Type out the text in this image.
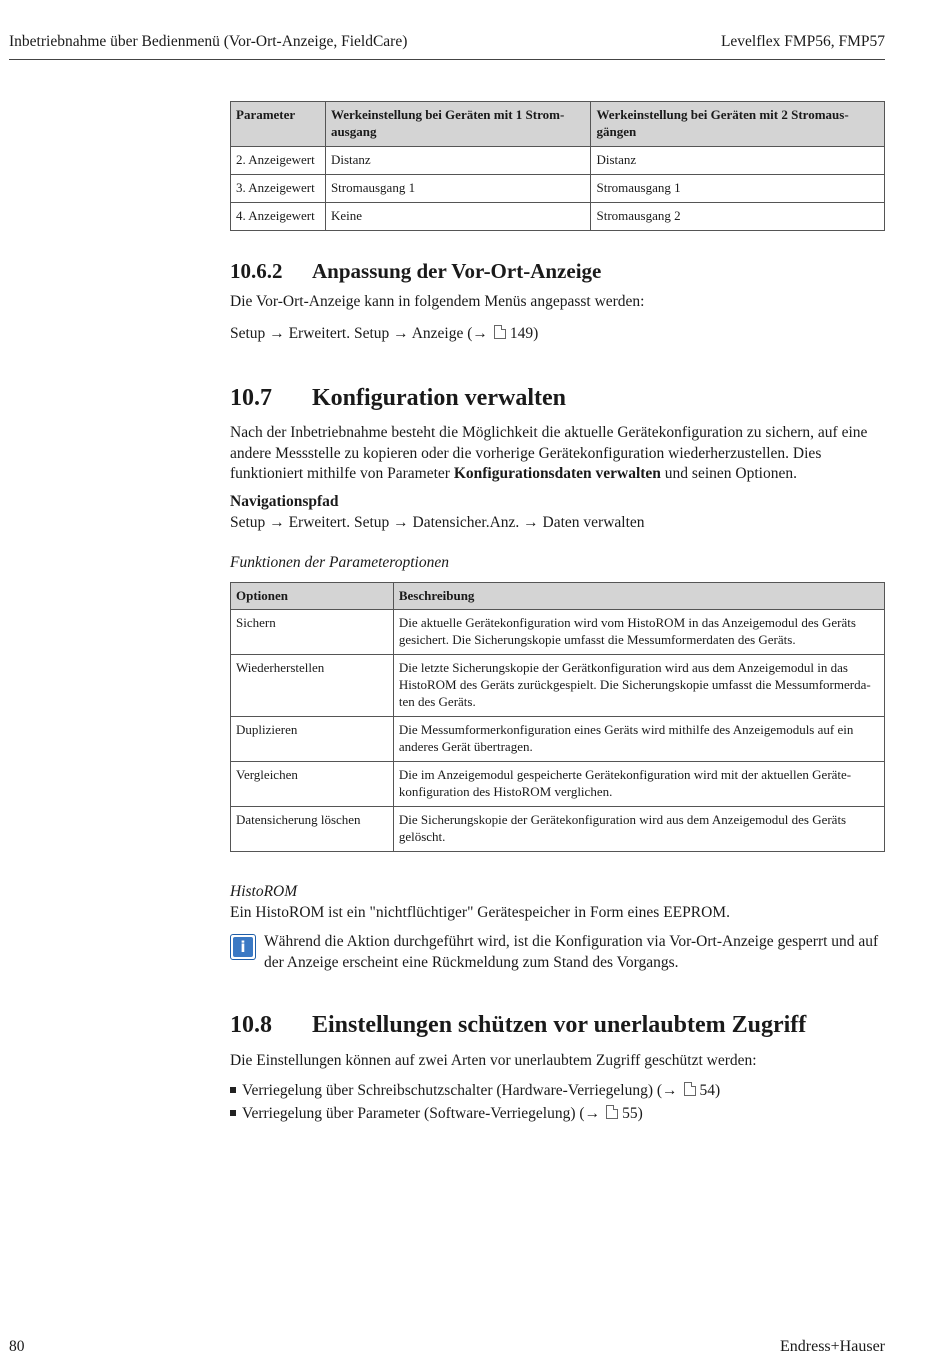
Inbetriebnahme über Bedienmenü (Vor-Ort-Anzeige, FieldCare)	Levelflex FMP56, FMP57
Parameter	Werkeinstellung bei Geräten mit 1 Strom-ausgang	Werkeinstellung bei Geräten mit 2 Stromaus-gängen
2. Anzeigewert	Distanz	Distanz
3. Anzeigewert	Stromausgang 1	Stromausgang 1
4. Anzeigewert	Keine	Stromausgang 2
10.6.2 Anpassung der Vor-Ort-Anzeige
Die Vor-Ort-Anzeige kann in folgendem Menüs angepasst werden:
Setup → Erweitert. Setup → Anzeige (→ 149)
10.7 Konfiguration verwalten
Nach der Inbetriebnahme besteht die Möglichkeit die aktuelle Gerätekonfiguration zu sichern, auf eine andere Messstelle zu kopieren oder die vorherige Gerätekonfiguration wiederherzustellen. Dies funktioniert mithilfe von Parameter Konfigurationsdaten verwalten und seinen Optionen.
Navigationspfad
Setup → Erweitert. Setup → Datensicher.Anz. → Daten verwalten
Funktionen der Parameteroptionen
Optionen	Beschreibung
Sichern	Die aktuelle Gerätekonfiguration wird vom HistoROM in das Anzeigemodul des Geräts gesichert. Die Sicherungskopie umfasst die Messumformerdaten des Geräts.
Wiederherstellen	Die letzte Sicherungskopie der Gerätkonfiguration wird aus dem Anzeigemodul in das HistoROM des Geräts zurückgespielt. Die Sicherungskopie umfasst die Messumformerda-ten des Geräts.
Duplizieren	Die Messumformerkonfiguration eines Geräts wird mithilfe des Anzeigemoduls auf ein anderes Gerät übertragen.
Vergleichen	Die im Anzeigemodul gespeicherte Gerätekonfiguration wird mit der aktuellen Geräte-konfiguration des HistoROM verglichen.
Datensicherung löschen	Die Sicherungskopie der Gerätekonfiguration wird aus dem Anzeigemodul des Geräts gelöscht.
HistoROM
Ein HistoROM ist ein "nichtflüchtiger" Gerätespeicher in Form eines EEPROM.
i	Während die Aktion durchgeführt wird, ist die Konfiguration via Vor-Ort-Anzeige gesperrt und auf der Anzeige erscheint eine Rückmeldung zum Stand des Vorgangs.
10.8 Einstellungen schützen vor unerlaubtem Zugriff
Die Einstellungen können auf zwei Arten vor unerlaubtem Zugriff geschützt werden:
Verriegelung über Schreibschutzschalter (Hardware-Verriegelung) (→ 54)
Verriegelung über Parameter (Software-Verriegelung) (→ 55)
80	Endress+Hauser
